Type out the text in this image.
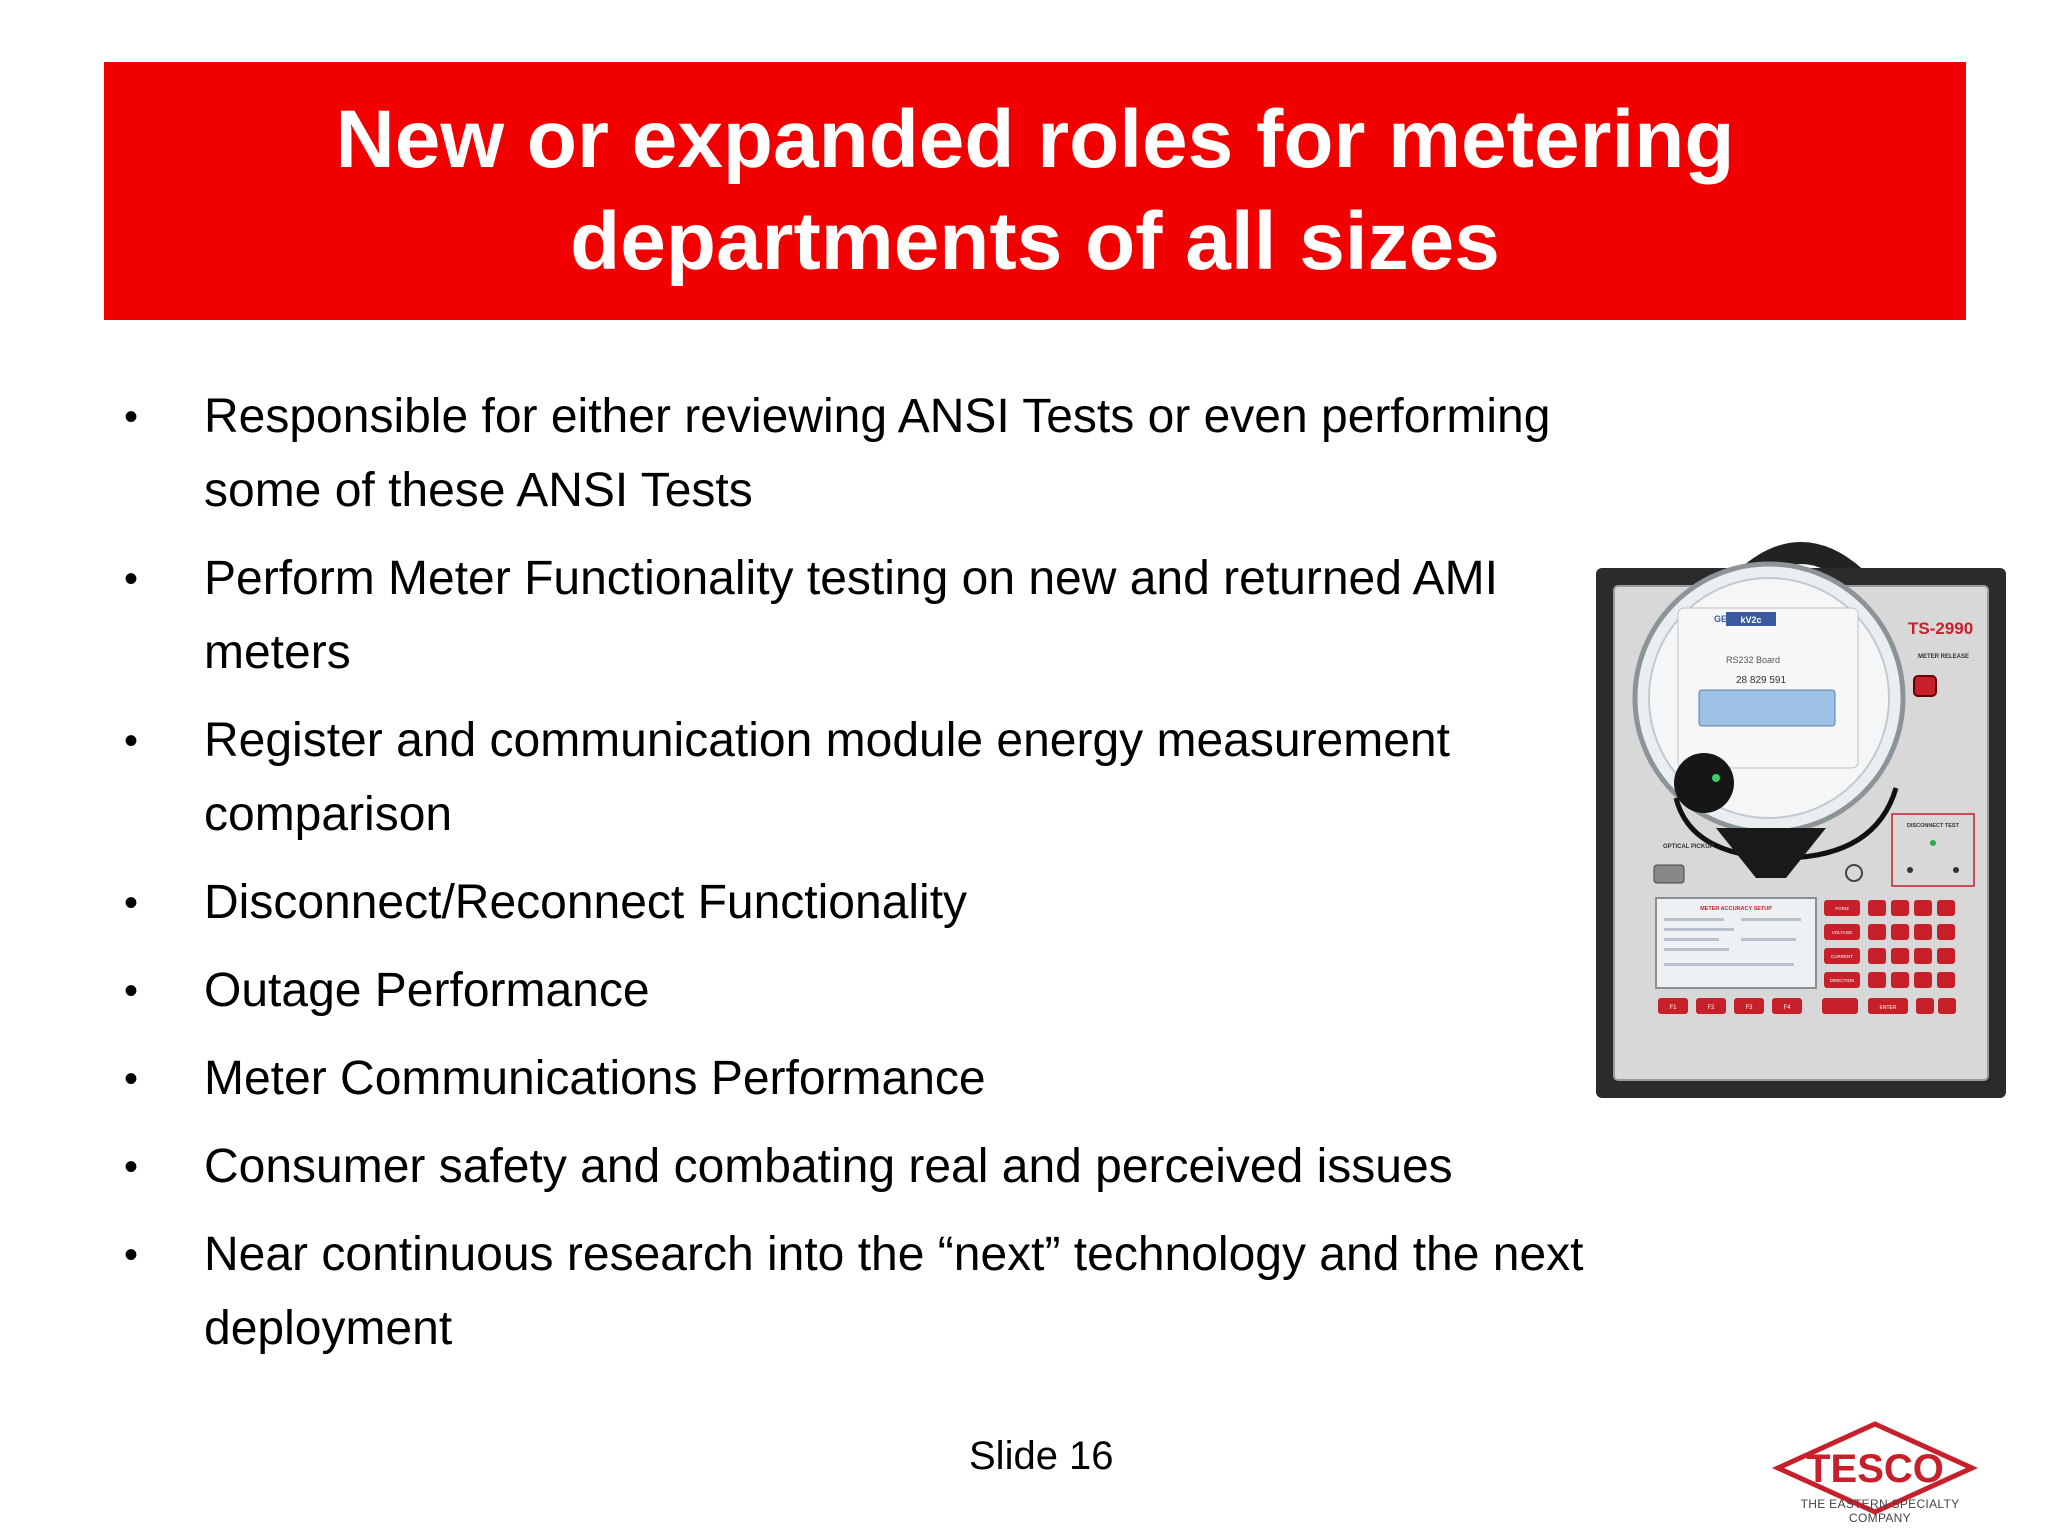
New or expanded roles for metering departments of all sizes
• Responsible for either reviewing ANSI Tests or even performing some of these ANSI Tests
• Perform Meter Functionality testing on new and returned AMI meters
• Register and communication module energy measurement comparison
• Disconnect/Reconnect Functionality
• Outage Performance
• Meter Communications Performance
• Consumer safety and combating real and perceived issues
• Near continuous research into the “next” technology and the next deployment
TS-2990
METER RELEASE
kV2c
GE
RS232 Board
28 829 591
OPTICAL PICKUP
DISCONNECT TEST
METER ACCURACY SETUP	FORM
VOLTAGE
CURRENT
DIRECTION
F1	F2	F3	F4	ENTER
TESCO
THE EASTERN SPECIALTY COMPANY
Slide 16
